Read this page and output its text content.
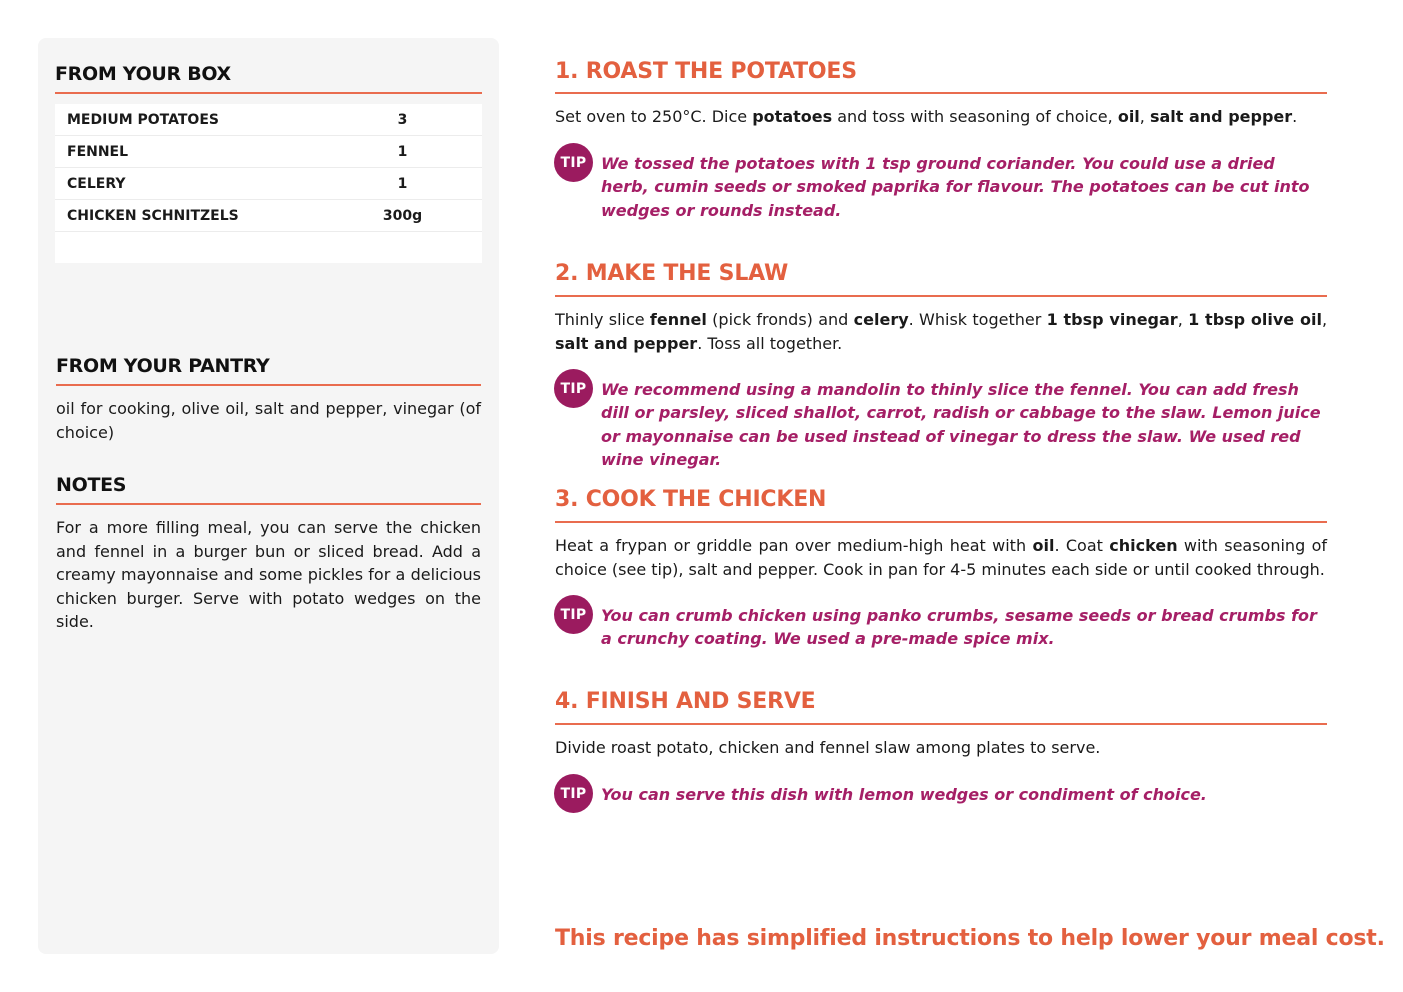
FROM YOUR BOX
MEDIUM POTATOES	3
FENNEL	1
CELERY	1
CHICKEN SCHNITZELS	300g
FROM YOUR PANTRY
oil for cooking, olive oil, salt and pepper, vinegar (of choice)
NOTES
For a more filling meal, you can serve the chicken and fennel in a burger bun or sliced bread. Add a creamy mayonnaise and some pickles for a delicious chicken burger. Serve with potato wedges on the side.
1. ROAST THE POTATOES
Set oven to 250°C. Dice potatoes and toss with seasoning of choice, oil, salt and pepper.
TIP We tossed the potatoes with 1 tsp ground coriander. You could use a dried herb, cumin seeds or smoked paprika for flavour. The potatoes can be cut into wedges or rounds instead.
2. MAKE THE SLAW
Thinly slice fennel (pick fronds) and celery. Whisk together 1 tbsp vinegar, 1 tbsp olive oil, salt and pepper. Toss all together.
TIP We recommend using a mandolin to thinly slice the fennel. You can add fresh dill or parsley, sliced shallot, carrot, radish or cabbage to the slaw. Lemon juice or mayonnaise can be used instead of vinegar to dress the slaw. We used red wine vinegar.
3. COOK THE CHICKEN
Heat a frypan or griddle pan over medium-high heat with oil. Coat chicken with seasoning of choice (see tip), salt and pepper. Cook in pan for 4-5 minutes each side or until cooked through.
TIP You can crumb chicken using panko crumbs, sesame seeds or bread crumbs for a crunchy coating. We used a pre-made spice mix.
4. FINISH AND SERVE
Divide roast potato, chicken and fennel slaw among plates to serve.
TIP You can serve this dish with lemon wedges or condiment of choice.
This recipe has simplified instructions to help lower your meal cost.
